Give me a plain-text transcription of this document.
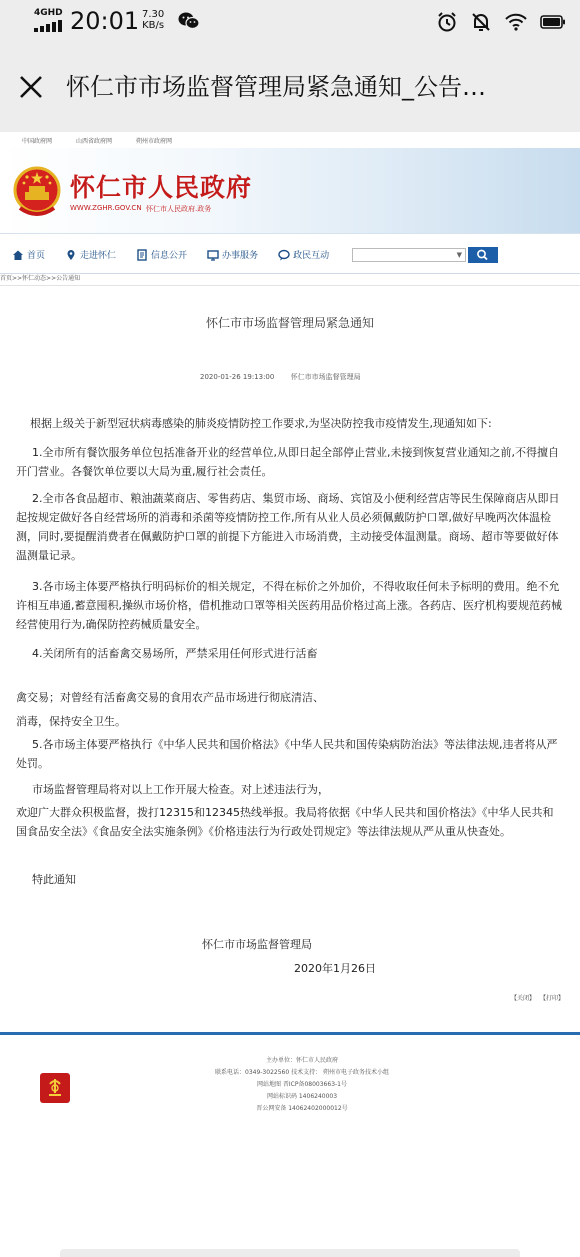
4GHD 20:01 7.30
KB/s
怀仁市市场监督管理局紧急通知_公告…
中国政府网	山西省政府网	朔州市政府网
怀仁市人民政府
WWW.ZGHR.GOV.CN 怀仁市人民政府.政务
首页	走进怀仁	信息公开	办事服务	政民互动	▼
首页>>怀仁动态>>公告通知
怀仁市市场监督管理局紧急通知
2020-01-26 19:13:00 怀仁市市场监督管理局
根据上级关于新型冠状病毒感染的肺炎疫情防控工作要求,为坚决防控我市疫情发生,现通知如下:
1.全市所有餐饮服务单位包括准备开业的经营单位,从即日起全部停止营业,未接到恢复营业通知之前,不得擅自开门营业。各餐饮单位要以大局为重,履行社会责任。
2.全市各食品超市、粮油蔬菜商店、零售药店、集贸市场、商场、宾馆及小便利经营店等民生保障商店从即日起按规定做好各自经营场所的消毒和杀菌等疫情防控工作,所有从业人员必须佩戴防护口罩,做好早晚两次体温检测，同时,要提醒消费者在佩戴防护口罩的前提下方能进入市场消费，主动接受体温测量。商场、超市等要做好体温测量记录。
3.各市场主体要严格执行明码标价的相关规定，不得在标价之外加价，不得收取任何未予标明的费用。绝不允许相互串通,蓄意囤积,操纵市场价格，借机推动口罩等相关医药用品价格过高上涨。各药店、医疗机构要规范药械经营使用行为,确保防控药械质量安全。
4.关闭所有的活畜禽交易场所，严禁采用任何形式进行活畜
禽交易；对曾经有活畜禽交易的食用农产品市场进行彻底清洁、
消毒，保持安全卫生。
5.各市场主体要严格执行《中华人民共和国价格法》《中华人民共和国传染病防治法》等法律法规,违者将从严处罚。
市场监督管理局将对以上工作开展大检查。对上述违法行为，
欢迎广大群众积极监督，拨打12315和12345热线举报。我局将依据《中华人民共和国价格法》《中华人民共和国食品安全法》《食品安全法实施条例》《价格违法行为行政处罚规定》等法律法规从严从重从快查处。
特此通知
怀仁市市场监督管理局
2020年1月26日
【关闭】 【打印】
主办单位：怀仁市人民政府
联系电话：0349-3022560 技术支持： 朔州市电子政务技术小组
网站地图 晋ICP备08003663-1号
网站标识码 1406240003
晋公网安备 14062402000012号
